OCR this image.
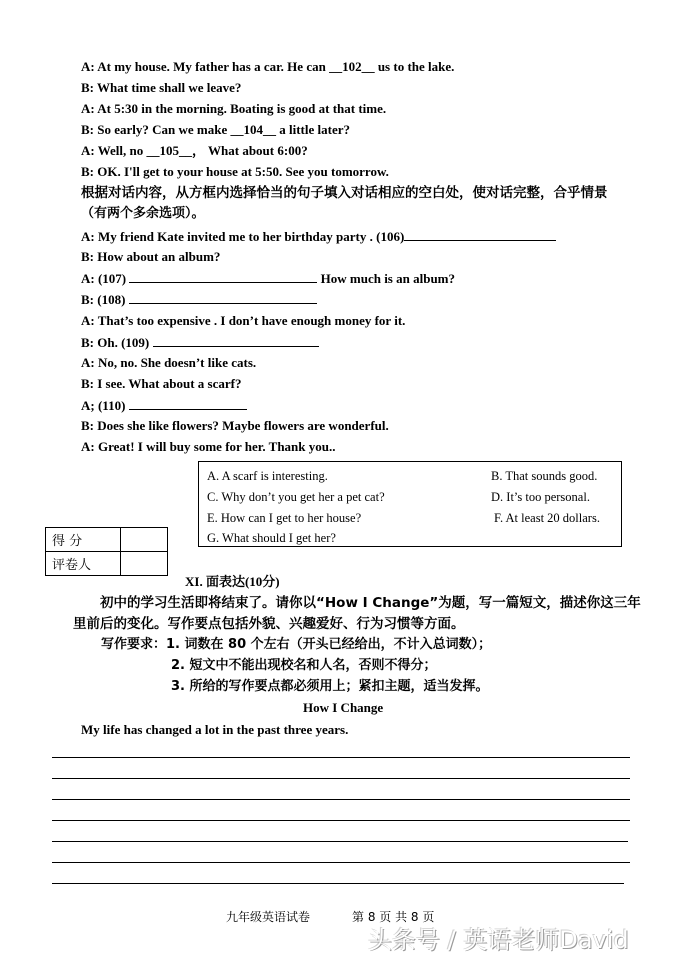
A: At my house. My father has a car. He can __102__ us to the lake.
B: What time shall we leave?
A: At 5:30 in the morning. Boating is good at that time.
B: So early? Can we make __104__ a little later?
A: Well, no __105__， What about 6:00?
B: OK. I'll get to your house at 5:50. See you tomorrow.
根据对话内容，从方框内选择恰当的句子填入对话相应的空白处，使对话完整，合乎情景
（有两个多余选项）。
A: My friend Kate invited me to her birthday party . (106)
B: How about an album?
A: (107)	How much is an album?
B: (108)
A: That’s too expensive . I don’t have enough money for it.
B: Oh. (109)
A: No, no. She doesn’t like cats.
B: I see. What about a scarf?
A; (110)
B: Does she like flowers? Maybe flowers are wonderful.
A: Great! I will buy some for her. Thank you..
A. A scarf is interesting.	B. That sounds good.
C. Why don’t you get her a pet cat?	D. It’s too personal.
E. How can I get to her house?	F. At least 20 dollars.
G. What should I get her?
得 分	
评卷人	
XI. 面表达(10分)
初中的学习生活即将结束了。请你以“How I Change”为题，写一篇短文，描述你这三年
里前后的变化。写作要点包括外貌、兴趣爱好、行为习惯等方面。
写作要求：1. 词数在 80 个左右（开头已经给出，不计入总词数）；
2. 短文中不能出现校名和人名，否则不得分；
3. 所给的写作要点都必须用上；紧扣主题，适当发挥。
How I Change
My life has changed a lot in the past three years.
九年级英语试卷	第 8 页 共 8 页
头条号 / 英语老师David
